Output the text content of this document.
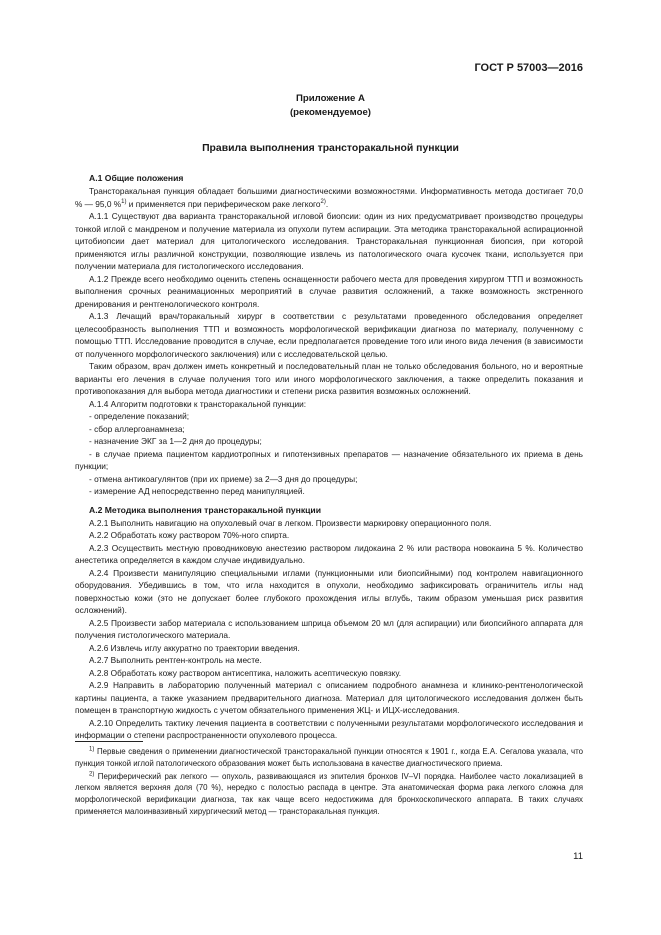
ГОСТ Р 57003—2016
Приложение А
(рекомендуемое)
Правила выполнения трансторакальной пункции
А.1 Общие положения

Трансторакальная пункция обладает большими диагностическими возможностями. Информативность метода достигает 70,0 % — 95,0 %$^{1)}$ и применяется при периферическом раке легкого$^{2)}$.

А.1.1 Существуют два варианта трансторакальной игловой биопсии: один из них предусматривает производство процедуры тонкой иглой с мандреном и получение материала из опухоли путем аспирации. Эта методика трансторакальной аспирационной цитобиопсии дает материал для цитологического исследования. Трансторакальная пункционная биопсия, при которой применяются иглы различной конструкции, позволяющие извлечь из патологического очага кусочек ткани, используется при получении материала для гистологического исследования.

А.1.2 Прежде всего необходимо оценить степень оснащенности рабочего места для проведения хирургом ТТП и возможность выполнения срочных реанимационных мероприятий в случае развития осложнений, а также возможность экстренного дренирования и рентгенологического контроля.

А.1.3 Лечащий врач/торакальный хирург в соответствии с результатами проведенного обследования определяет целесообразность выполнения ТТП и возможность морфологической верификации диагноза по материалу, полученному с помощью ТТП. Исследование проводится в случае, если предполагается проведение того или иного вида лечения (в зависимости от полученного морфологического заключения) или с исследовательской целью.

Таким образом, врач должен иметь конкретный и последовательный план не только обследования больного, но и вероятные варианты его лечения в случае получения того или иного морфологического заключения, а также определить показания и противопоказания для выбора метода диагностики и степени риска развития возможных осложнений.

А.1.4 Алгоритм подготовки к трансторакальной пункции:

- определение показаний;

- сбор аллергоанамнеза;

- назначение ЭКГ за 1—2 дня до процедуры;

- в случае приема пациентом кардиотропных и гипотензивных препаратов — назначение обязательного их приема в день пункции;

- отмена антикоагулянтов (при их приеме) за 2—3 дня до процедуры;

- измерение АД непосредственно перед манипуляцией.

А.2 Методика выполнения трансторакальной пункции

А.2.1 Выполнить навигацию на опухолевый очаг в легком. Произвести маркировку операционного поля.

А.2.2 Обработать кожу раствором 70%-ного спирта.

А.2.3 Осуществить местную проводниковую анестезию раствором лидокаина 2 % или раствора новокаина 5 %. Количество анестетика определяется в каждом случае индивидуально.

А.2.4 Произвести манипуляцию специальными иглами (пункционными или биопсийными) под контролем навигационного оборудования. Убедившись в том, что игла находится в опухоли, необходимо зафиксировать ограничитель иглы над поверхностью кожи (это не допускает более глубокого прохождения иглы вглубь, таким образом уменьшая риск развития осложнений).

А.2.5 Произвести забор материала с использованием шприца объемом 20 мл (для аспирации) или биопсийного аппарата для получения гистологического материала.

А.2.6 Извлечь иглу аккуратно по траектории введения.

А.2.7 Выполнить рентген-контроль на месте.

А.2.8 Обработать кожу раствором антисептика, наложить асептическую повязку.

А.2.9 Направить в лабораторию полученный материал с описанием подробного анамнеза и клинико-рентгенологической картины пациента, а также указанием предварительного диагноза. Материал для цитологического исследования должен быть помещен в транспортную жидкость с учетом обязательного применения ЖЦ- и ИЦХ-исследования.

А.2.10 Определить тактику лечения пациента в соответствии с полученными результатами морфологического исследования и информации о степени распространенности опухолевого процесса.

$^{1)}$ Первые сведения о применении диагностической трансторакальной пункции относятся к 1901 г., когда Е.А. Сегалова указала, что пункция тонкой иглой патологического образования может быть использована в качестве диагностического приема.

$^{2)}$ Периферический рак легкого — опухоль, развивающаяся из эпителия бронхов IV–VI порядка. Наиболее часто локализацией в легком является верхняя доля (70 %), нередко с полостью распада в центре. Эта анатомическая форма рака легкого сложна для морфологической верификации диагноза, так как чаще всего недостижима для бронхоскопического аппарата. В таких случаях применяется малоинвазивный хирургический метод — трансторакальная пункция.

11
